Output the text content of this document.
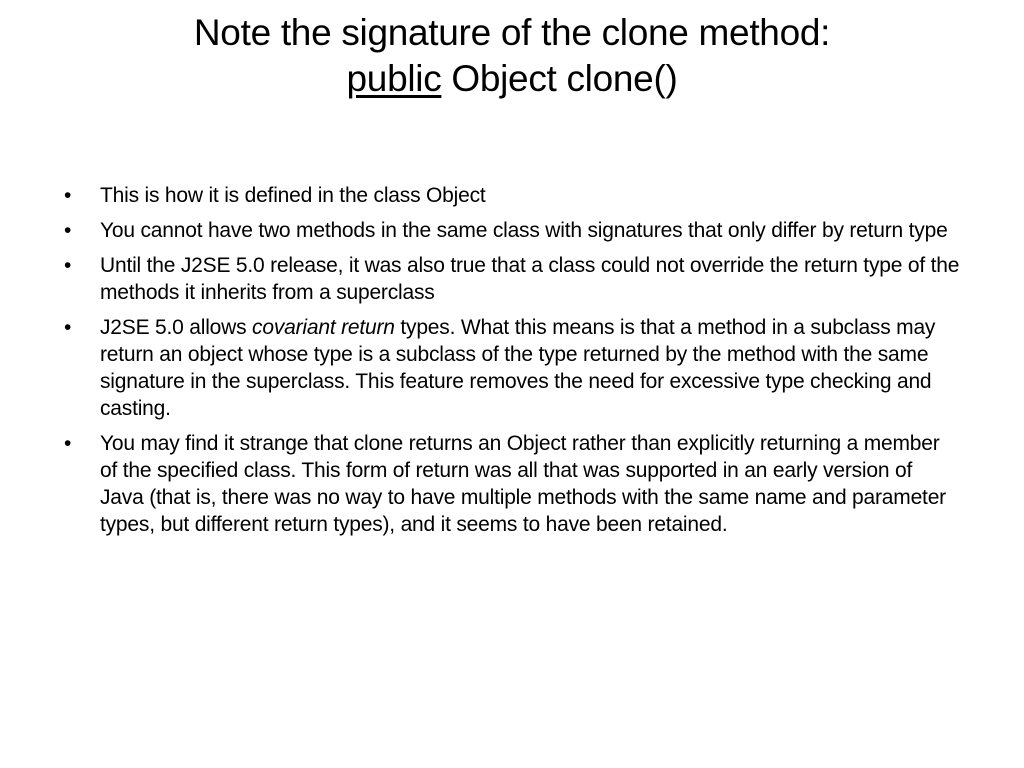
Note the signature of the clone method:
public Object clone()
• This is how it is defined in the class Object
• You cannot have two methods in the same class with signatures that only differ by return type
• Until the J2SE 5.0 release, it was also true that a class could not override the return type of the methods it inherits from a superclass
• J2SE 5.0 allows covariant return types. What this means is that a method in a subclass may return an object whose type is a subclass of the type returned by the method with the same signature in the superclass. This feature removes the need for excessive type checking and casting.
• You may find it strange that clone returns an Object rather than explicitly returning a member of the specified class. This form of return was all that was supported in an early version of Java (that is, there was no way to have multiple methods with the same name and parameter types, but different return types), and it seems to have been retained.
